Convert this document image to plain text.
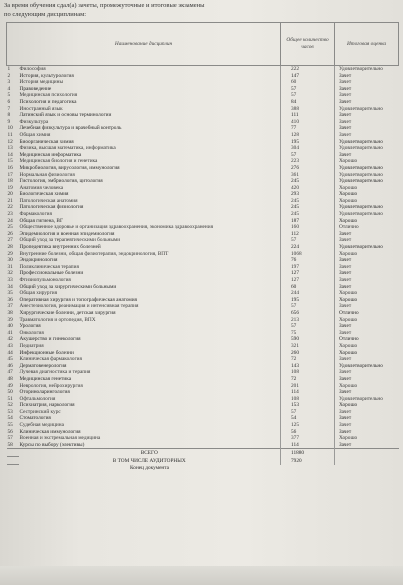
За время обучения сдал(а) зачеты, промежуточные и итоговые экзамены
по следующим дисциплинам:
Наименование дисциплин		Общее количество часов	Итоговая оценка
1	Философия	222	Удовлетворительно
2	История, культурология	147	Зачет
3	История медицины	60	Зачет
4	Правоведение	57	Зачет
5	Медицинская психология	57	Зачет
6	Психология и педагогика	84	Зачет
7	Иностранный язык	388	Удовлетворительно
8	Латинский язык и основы терминологии	111	Зачет
9	Физкультура	410	Зачет
10	Лечебная физкультура и врачебный контроль	77	Зачет
11	Общая химия	128	Зачет
12	Биоорганическая химия	195	Удовлетворительно
13	Физика, высшая математика, информатика	304	Удовлетворительно
14	Медицинская информатика	57	Зачет
15	Медицинская биология и генетика	223	Хорошо
16	Микробиология, вирусология, иммунология	276	Удовлетворительно
17	Нормальная физиология	361	Удовлетворительно
18	Гистология, эмбриология, цитология	245	Удовлетворительно
19	Анатомия человека	420	Хорошо
20	Биологическая химия	293	Хорошо
21	Патологическая анатомия	245	Хорошо
22	Патологическая физиология	245	Удовлетворительно
23	Фармакология	245	Удовлетворительно
24	Общая гигиена, ВГ	187	Хорошо
25	Общественное здоровье и организация здравоохранения, экономика здравоохранения	160	Отлично
26	Эпидемиология и военная эпидемиология	112	Зачет
27	Общий уход за терапевтическими больными	57	Зачет
28	Пропедевтика внутренних болезней	224	Удовлетворительно
29	Внутренние болезни, общая физиотерапия, эндокринология, ВПТ	1068	Хорошо
30	Эндокринология	76	Зачет
31	Поликлиническая терапия	197	Зачет
32	Профессиональные болезни	127	Зачет
33	Фтизиопульмонология	127	Зачет
34	Общий уход за хирургическими больными	60	Зачет
35	Общая хирургия	244	Хорошо
36	Оперативная хирургия и топографическая анатомия	195	Хорошо
37	Анестезиология, реанимация и интенсивная терапия	57	Зачет
38	Хирургические болезни, детская хирургия	656	Отлично
39	Травматология и ортопедия, ВПХ	213	Хорошо
40	Урология	57	Зачет
41	Онкология	75	Зачет
42	Акушерство и гинекология	590	Отлично
43	Педиатрия	321	Хорошо
44	Инфекционные болезни	260	Хорошо
45	Клиническая фармакология	72	Зачет
46	Дерматовенерология	143	Удовлетворительно
47	Лучевая диагностика и терапия	108	Зачет
48	Медицинская генетика	72	Зачет
49	Неврология, нейрохирургия	201	Хорошо
50	Оториноларингология	114	Зачет
51	Офтальмология	108	Удовлетворительно
52	Психиатрия, наркология	153	Хорошо
53	Сестринский курс	57	Зачет
54	Стоматология	54	Зачет
55	Судебная медицина	125	Зачет
56	Клиническая иммунология	56	Зачет
57	Военная и экстремальная медицина	377	Хорошо
58	Курсы по выбору (элективы)	114	Зачет
	ВСЕГО	11880	
	В ТОМ ЧИСЛЕ АУДИТОРНЫХ	7920	
	Конец документа		
